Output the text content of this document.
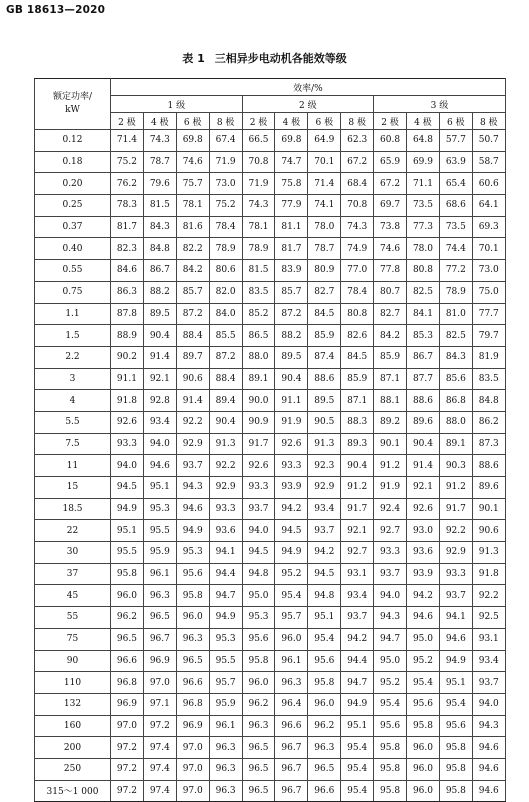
GB 18613—2020
表 1 三相异步电动机各能效等级
额定功率/
kW	效率/%											
	1 级				2 级				3 级			
	2 极	4 极	6 极	8 极	2 极	4 极	6 极	8 极	2 极	4 极	6 极	8 极
0.12	71.4	74.3	69.8	67.4	66.5	69.8	64.9	62.3	60.8	64.8	57.7	50.7
0.18	75.2	78.7	74.6	71.9	70.8	74.7	70.1	67.2	65.9	69.9	63.9	58.7
0.20	76.2	79.6	75.7	73.0	71.9	75.8	71.4	68.4	67.2	71.1	65.4	60.6
0.25	78.3	81.5	78.1	75.2	74.3	77.9	74.1	70.8	69.7	73.5	68.6	64.1
0.37	81.7	84.3	81.6	78.4	78.1	81.1	78.0	74.3	73.8	77.3	73.5	69.3
0.40	82.3	84.8	82.2	78.9	78.9	81.7	78.7	74.9	74.6	78.0	74.4	70.1
0.55	84.6	86.7	84.2	80.6	81.5	83.9	80.9	77.0	77.8	80.8	77.2	73.0
0.75	86.3	88.2	85.7	82.0	83.5	85.7	82.7	78.4	80.7	82.5	78.9	75.0
1.1	87.8	89.5	87.2	84.0	85.2	87.2	84.5	80.8	82.7	84.1	81.0	77.7
1.5	88.9	90.4	88.4	85.5	86.5	88.2	85.9	82.6	84.2	85.3	82.5	79.7
2.2	90.2	91.4	89.7	87.2	88.0	89.5	87.4	84.5	85.9	86.7	84.3	81.9
3	91.1	92.1	90.6	88.4	89.1	90.4	88.6	85.9	87.1	87.7	85.6	83.5
4	91.8	92.8	91.4	89.4	90.0	91.1	89.5	87.1	88.1	88.6	86.8	84.8
5.5	92.6	93.4	92.2	90.4	90.9	91.9	90.5	88.3	89.2	89.6	88.0	86.2
7.5	93.3	94.0	92.9	91.3	91.7	92.6	91.3	89.3	90.1	90.4	89.1	87.3
11	94.0	94.6	93.7	92.2	92.6	93.3	92.3	90.4	91.2	91.4	90.3	88.6
15	94.5	95.1	94.3	92.9	93.3	93.9	92.9	91.2	91.9	92.1	91.2	89.6
18.5	94.9	95.3	94.6	93.3	93.7	94.2	93.4	91.7	92.4	92.6	91.7	90.1
22	95.1	95.5	94.9	93.6	94.0	94.5	93.7	92.1	92.7	93.0	92.2	90.6
30	95.5	95.9	95.3	94.1	94.5	94.9	94.2	92.7	93.3	93.6	92.9	91.3
37	95.8	96.1	95.6	94.4	94.8	95.2	94.5	93.1	93.7	93.9	93.3	91.8
45	96.0	96.3	95.8	94.7	95.0	95.4	94.8	93.4	94.0	94.2	93.7	92.2
55	96.2	96.5	96.0	94.9	95.3	95.7	95.1	93.7	94.3	94.6	94.1	92.5
75	96.5	96.7	96.3	95.3	95.6	96.0	95.4	94.2	94.7	95.0	94.6	93.1
90	96.6	96.9	96.5	95.5	95.8	96.1	95.6	94.4	95.0	95.2	94.9	93.4
110	96.8	97.0	96.6	95.7	96.0	96.3	95.8	94.7	95.2	95.4	95.1	93.7
132	96.9	97.1	96.8	95.9	96.2	96.4	96.0	94.9	95.4	95.6	95.4	94.0
160	97.0	97.2	96.9	96.1	96.3	96.6	96.2	95.1	95.6	95.8	95.6	94.3
200	97.2	97.4	97.0	96.3	96.5	96.7	96.3	95.4	95.8	96.0	95.8	94.6
250	97.2	97.4	97.0	96.3	96.5	96.7	96.5	95.4	95.8	96.0	95.8	94.6
315～1 000	97.2	97.4	97.0	96.3	96.5	96.7	96.6	95.4	95.8	96.0	95.8	94.6
